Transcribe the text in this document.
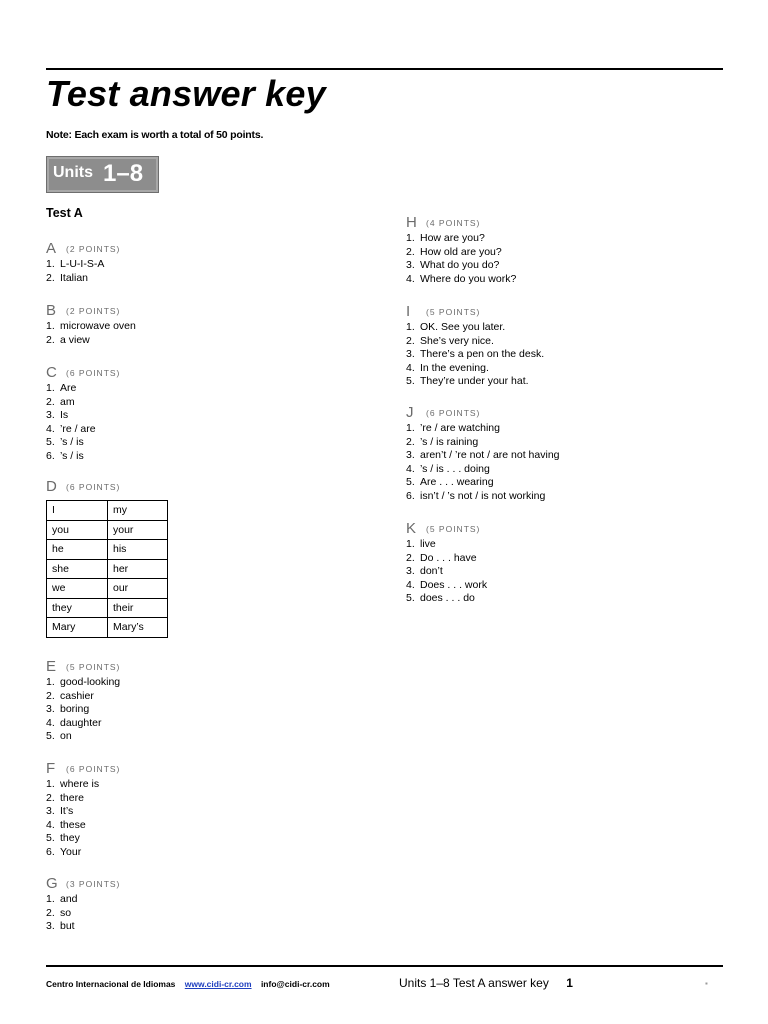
Test answer key
Note: Each exam is worth a total of 50 points.
Units 1–8
Test A
A (2 POINTS)
1. L-U-I-S-A
2. Italian
B (2 POINTS)
1. microwave oven
2. a view
C (6 POINTS)
1. Are
2. am
3. Is
4. ’re / are
5. ’s / is
6. ’s / is
D (6 POINTS)
I	my
you	your
he	his
she	her
we	our
they	their
Mary	Mary’s
E (5 POINTS)
1. good-looking
2. cashier
3. boring
4. daughter
5. on
F (6 POINTS)
1. where is
2. there
3. It’s
4. these
5. they
6. Your
G (3 POINTS)
1. and
2. so
3. but
H (4 POINTS)
1. How are you?
2. How old are you?
3. What do you do?
4. Where do you work?
I (5 POINTS)
1. OK. See you later.
2. She’s very nice.
3. There’s a pen on the desk.
4. In the evening.
5. They’re under your hat.
J (6 POINTS)
1. ’re / are watching
2. ’s / is raining
3. aren’t / ’re not / are not having
4. ’s / is . . . doing
5. Are . . . wearing
6. isn’t / ’s not / is not working
K (5 POINTS)
1. live
2. Do . . . have
3. don’t
4. Does . . . work
5. does . . . do
Centro Internacional de Idiomas www.cidi-cr.com info@cidi-cr.com	Units 1–8 Test A answer key 1	▪
